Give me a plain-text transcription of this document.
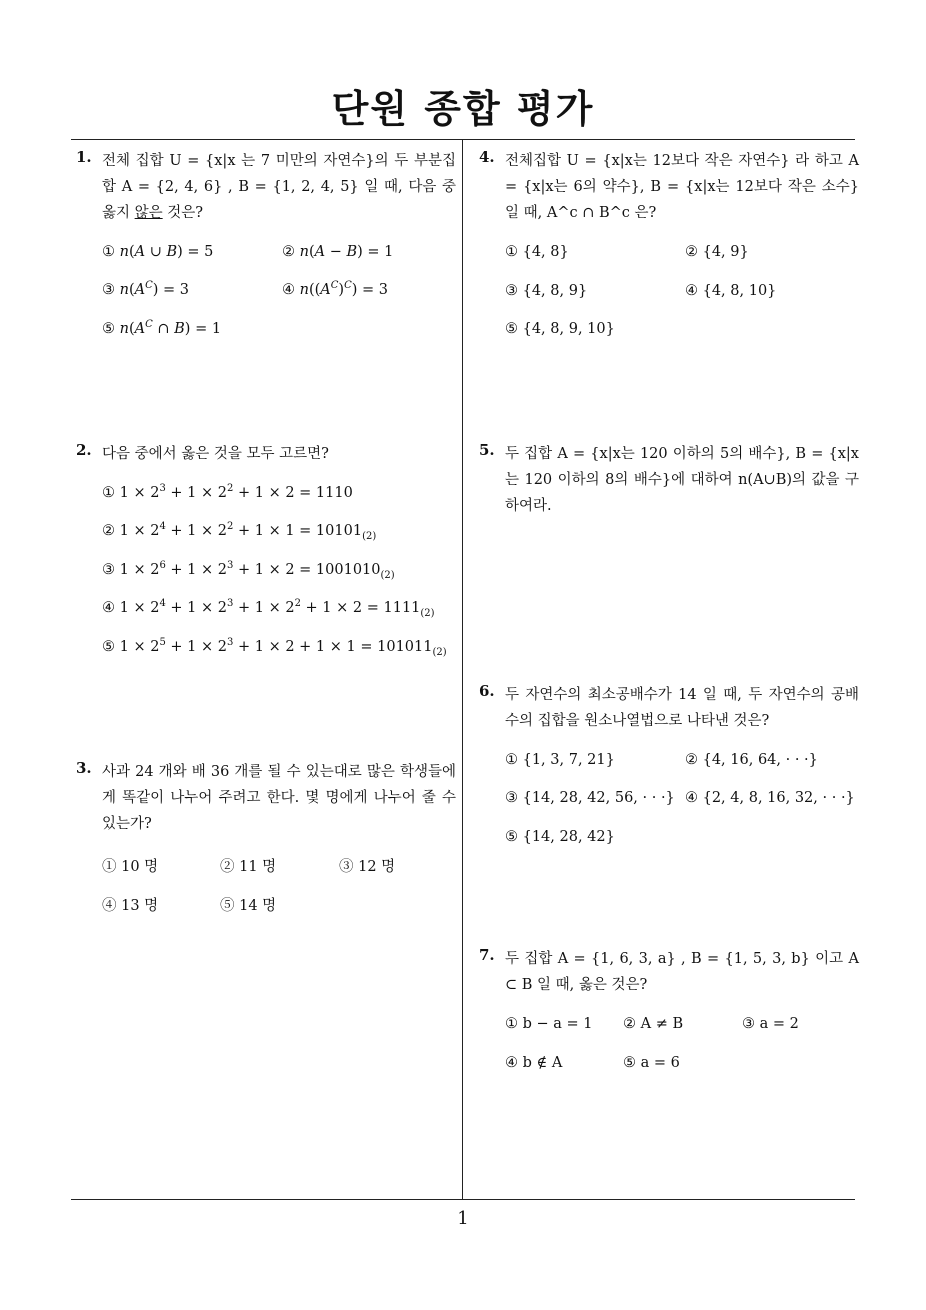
단원 종합 평가
1
1. 전체 집합 U = {x|x 는 7 미만의 자연수}의 두 부분집합 A = {2, 4, 6} , B = {1, 2, 4, 5} 일 때, 다음 중 옳지 않은 것은?
① n(A ∪ B) = 5	② n(A − B) = 1
③ $n(A^C) = 3$	④ $n((A^C)^C) = 3$
⑤ $n(A^C$ ∩ B) = 1
2. 다음 중에서 옳은 것을 모두 고르면?
① $1 \times 2^3 + 1 \times 2^2 + 1 \times 2 = 1110$
② $1 \times 2^4 + 1 \times 2^2 + 1 \times 1 = 10101_{(2)}$
③ $1 \times 2^6 + 1 \times 2^3 + 1 \times 2 = 1001010_{(2)}$
④ $1 \times 2^4 + 1 \times 2^3 + 1 \times 2^2 + 1 \times 2 = 1111_{(2)}$
⑤ $1 \times 2^5 + 1 \times 2^3 + 1 \times 2 + 1 \times 1 = 101011_{(2)}$
3. 사과 24 개와 배 36 개를 될 수 있는대로 많은 학생들에게 똑같이 나누어 주려고 한다. 몇 명에게 나누어 줄 수 있는가?
① 10 명	② 11 명	③ 12 명
④ 13 명	⑤ 14 명
4. 전체집합 U = {x|x는 12보다 작은 자연수} 라 하고 A = {x|x는 6의 약수}, B = {x|x는 12보다 작은 소수} 일 때, A^c ∩ B^c 은?
① {4, 8}	② {4, 9}
③ {4, 8, 9}	④ {4, 8, 10}
⑤ {4, 8, 9, 10}
5. 두 집합 A = {x|x는 120 이하의 5의 배수}, B = {x|x는 120 이하의 8의 배수}에 대하여 n(A∪B)의 값을 구하여라.
6. 두 자연수의 최소공배수가 14 일 때, 두 자연수의 공배수의 집합을 원소나열법으로 나타낸 것은?
① {1, 3, 7, 21}	② {4, 16, 64, · · ·}
③ {14, 28, 42, 56, · · ·} ④ {2, 4, 8, 16, 32, · · ·}
⑤ {14, 28, 42}
7. 두 집합 A = {1, 6, 3, a} , B = {1, 5, 3, b} 이고 A ⊂ B 일 때, 옳은 것은?
① b − a = 1 ② A ≠ B	③ a = 2
④ b ∉ A	⑤ a = 6
